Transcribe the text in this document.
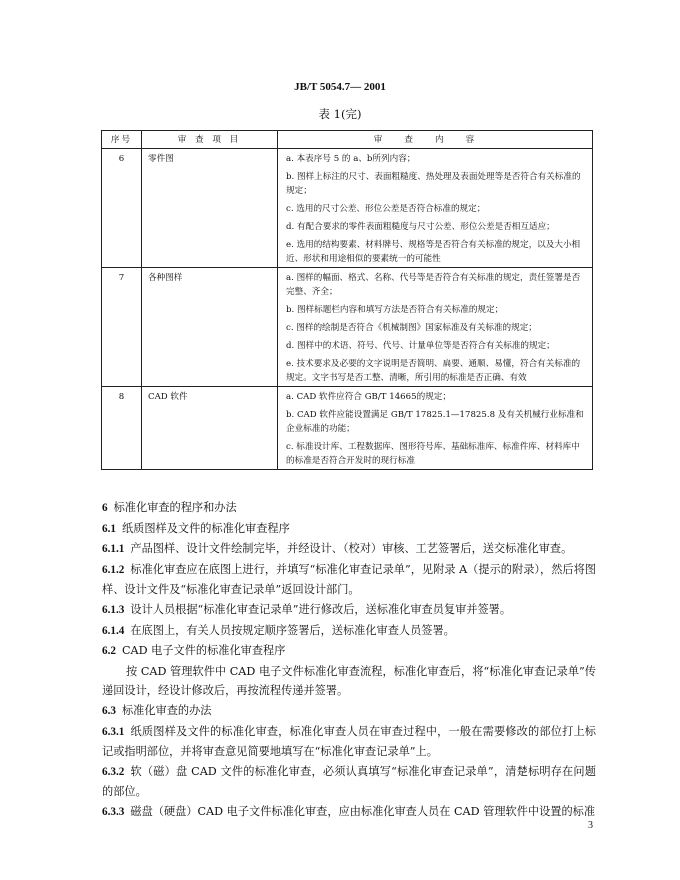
JB/T 5054.7— 2001
表 1(完)
序号	审 查 项 目	审查内容
6	零件图	a. 本表序号 5 的 a、b所列内容；

b. 图样上标注的尺寸、表面粗糙度、热处理及表面处理等是否符合有关标准的规定；

c. 选用的尺寸公差、形位公差是否符合标准的规定；

d. 有配合要求的零件表面粗糙度与尺寸公差、形位公差是否相互适应；

e. 选用的结构要素、材料牌号、规格等是否符合有关标准的规定，以及大小相近、形状和用途相似的要素统一的可能性

7	各种图样	a. 图样的幅面、格式、名称、代号等是否符合有关标准的规定，责任签署是否完整、齐全；

b. 图样标题栏内容和填写方法是否符合有关标准的规定；

c. 图样的绘制是否符合《机械制图》国家标准及有关标准的规定；

d. 图样中的术语、符号、代号、计量单位等是否符合有关标准的规定；

e. 技术要求及必要的文字说明是否简明、扁要、通顺、易懂，符合有关标准的规定。文字书写是否工整、清晰，所引用的标准是否正确、有效

8	CAD 软件	a. CAD 软件应符合 GB/T 14665的规定；

b. CAD 软件应能设置满足 GB/T 17825.1—17825.8 及有关机械行业标准和企业标准的功能；

c. 标准设计库、工程数据库、图形符号库、基础标准库、标准件库、材料库中的标准是否符合开发时的现行标准

6 标准化审查的程序和办法

6.1 纸质图样及文件的标准化审查程序

6.1.1 产品图样、设计文件绘制完毕，并经设计、（校对）审核、工艺签署后，送交标准化审查。

6.1.2 标准化审查应在底图上进行，并填写“标准化审查记录单”，见附录 A（提示的附录），然后将图样、设计文件及“标准化审查记录单”返回设计部门。

6.1.3 设计人员根据“标准化审查记录单”进行修改后，送标准化审查员复审并签署。

6.1.4 在底图上，有关人员按规定顺序签署后，送标准化审查人员签署。

6.2 CAD 电子文件的标准化审查程序

按 CAD 管理软件中 CAD 电子文件标准化审查流程，标准化审查后，将“标准化审查记录单”传递回设计，经设计修改后，再按流程传递并签署。

6.3 标准化审查的办法

6.3.1 纸质图样及文件的标准化审查，标准化审查人员在审查过程中，一般在需要修改的部位打上标记或指明部位，并将审查意见简要地填写在“标准化审查记录单”上。

6.3.2 软（磁）盘 CAD 文件的标准化审查，必须认真填写“标准化审查记录单”，清楚标明存在问题的部位。

6.3.3 磁盘（硬盘）CAD 电子文件标准化审查，应由标准化审查人员在 CAD 管理软件中设置的标准

3
